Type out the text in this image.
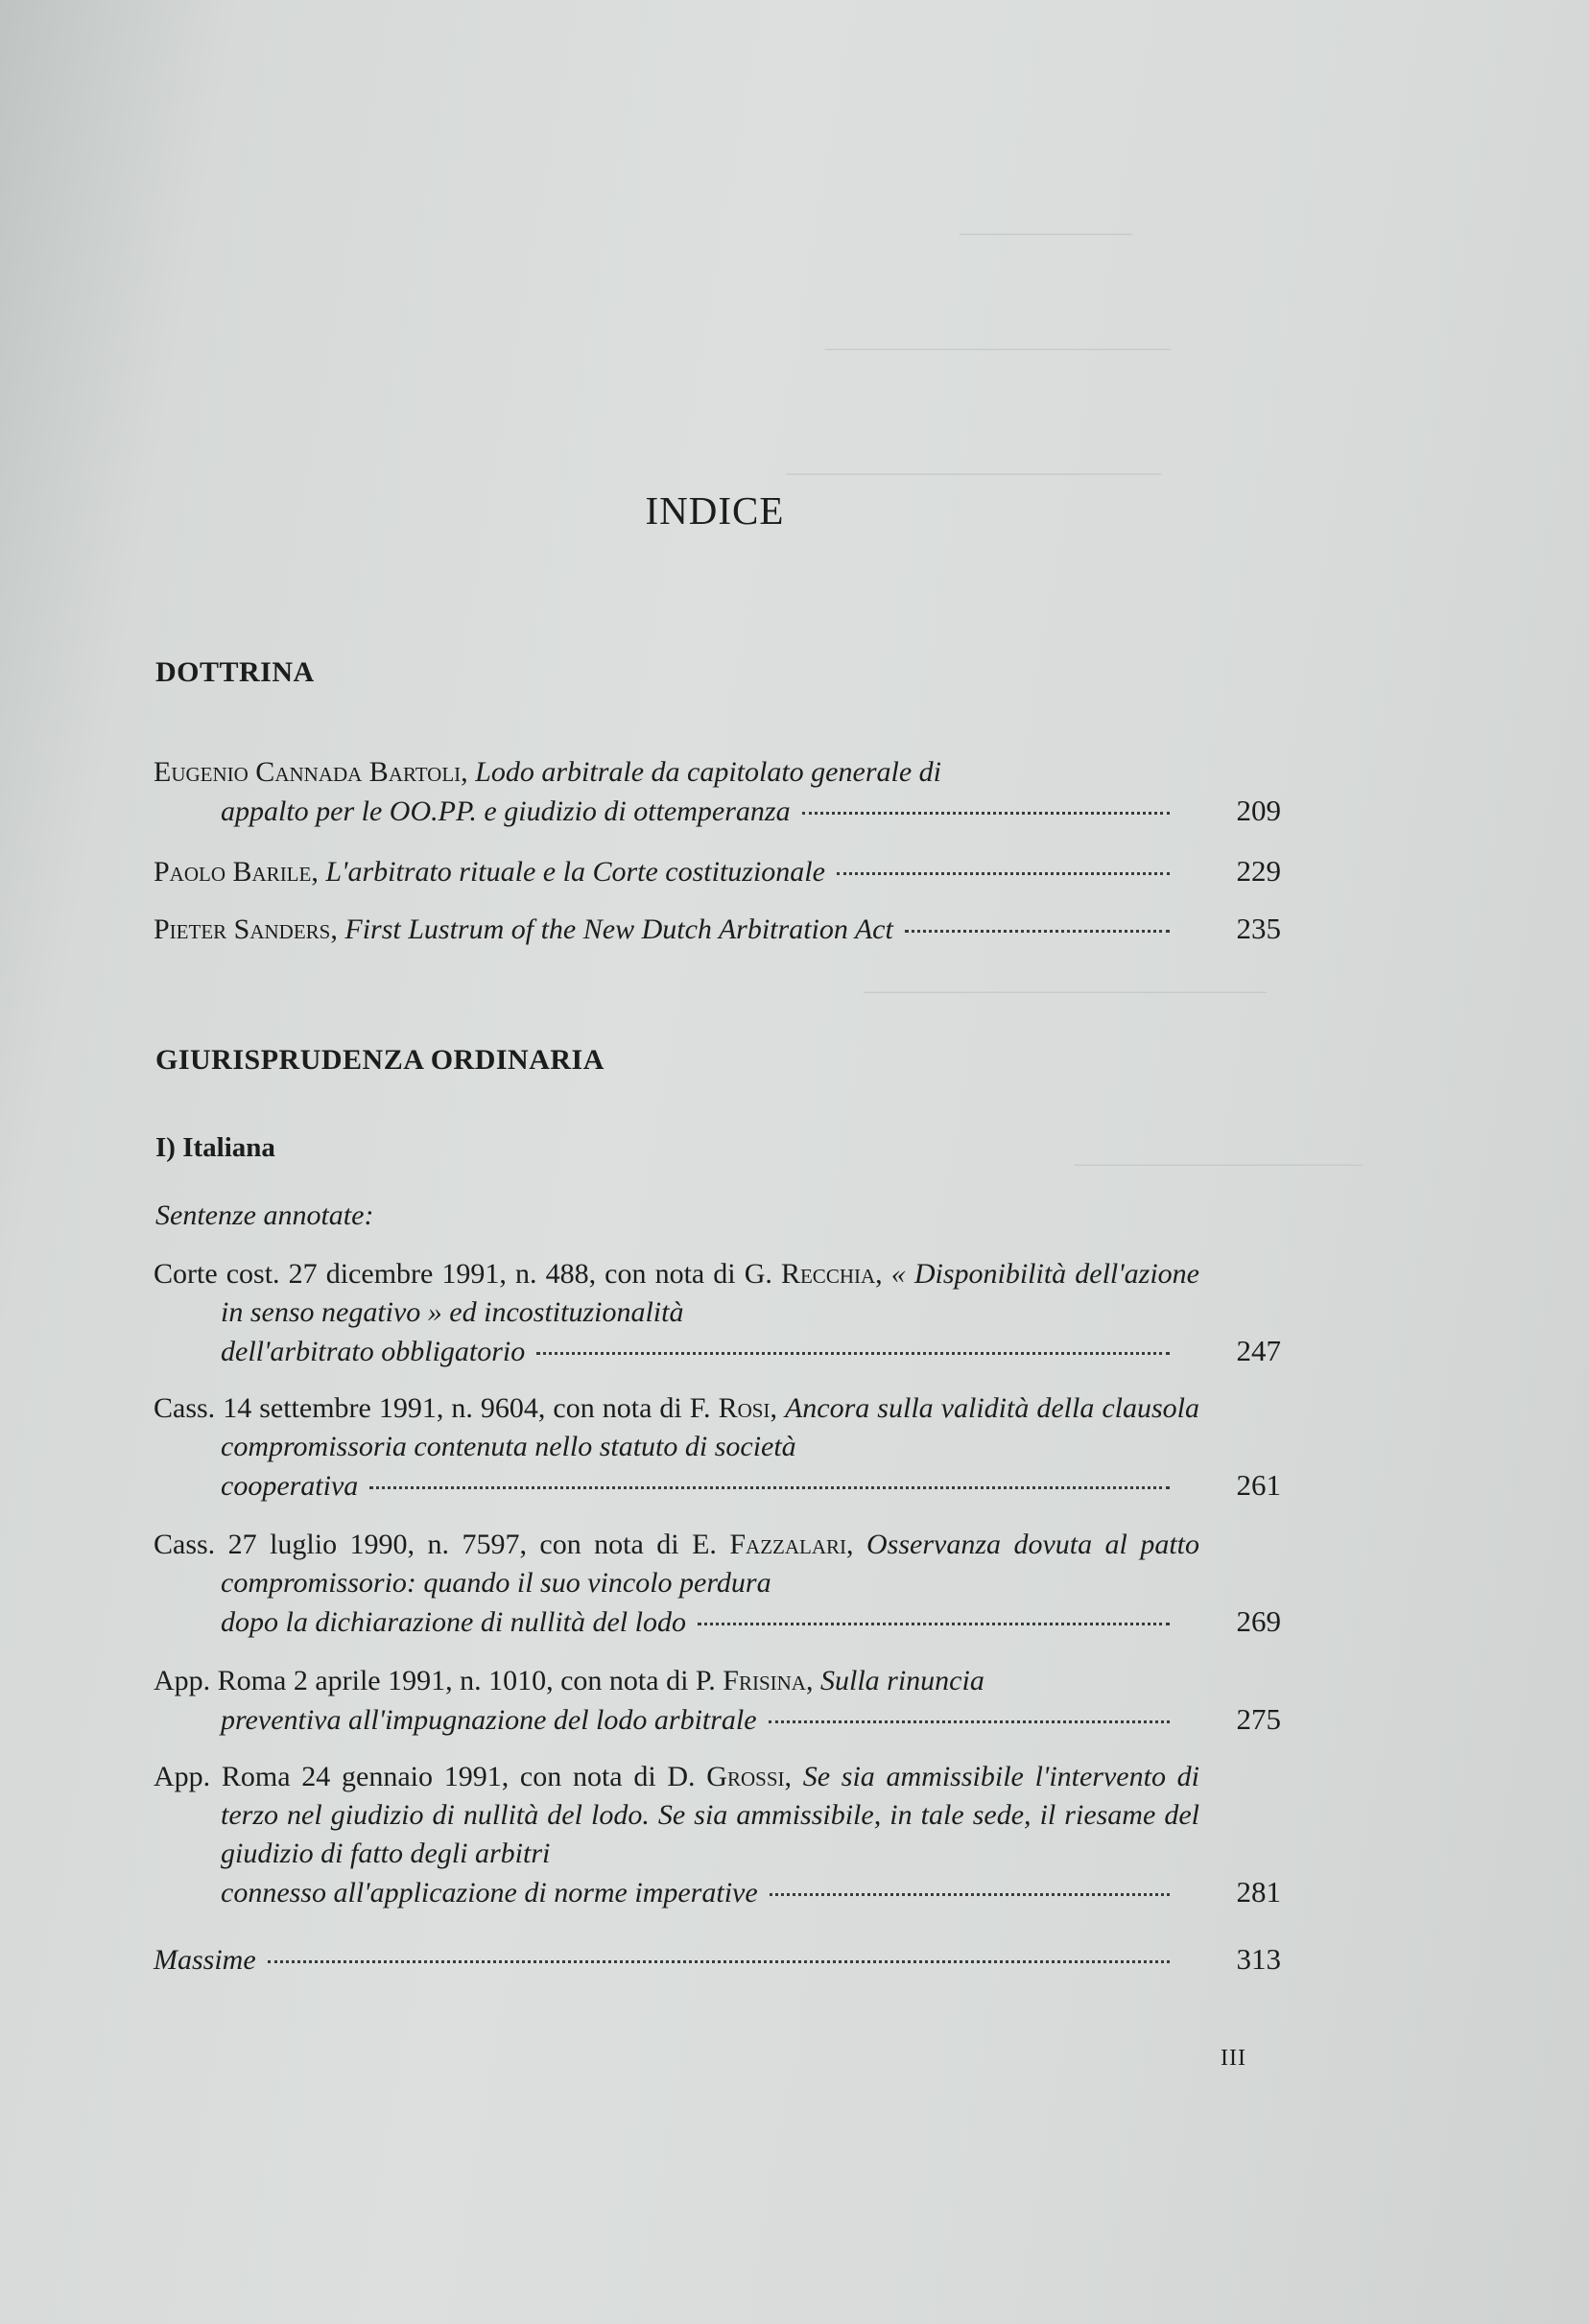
____________
________________________
__________________________
____________________________
____________________
INDICE
DOTTRINA
Eugenio Cannada Bartoli, Lodo arbitrale da capitolato generale di
appalto per le OO.PP. e giudizio di ottemperanza	209
Paolo Barile, L'arbitrato rituale e la Corte costituzionale	229
Pieter Sanders, First Lustrum of the New Dutch Arbitration Act	235
GIURISPRUDENZA ORDINARIA
I) Italiana
Sentenze annotate:
Corte cost. 27 dicembre 1991, n. 488, con nota di G. Recchia, « Disponibilità dell'azione in senso negativo » ed incostituzionalità
dell'arbitrato obbligatorio	247
Cass. 14 settembre 1991, n. 9604, con nota di F. Rosi, Ancora sulla validità della clausola compromissoria contenuta nello statuto di società
cooperativa	261
Cass. 27 luglio 1990, n. 7597, con nota di E. Fazzalari, Osservanza dovuta al patto compromissorio: quando il suo vincolo perdura
dopo la dichiarazione di nullità del lodo	269
App. Roma 2 aprile 1991, n. 1010, con nota di P. Frisina, Sulla rinuncia
preventiva all'impugnazione del lodo arbitrale	275
App. Roma 24 gennaio 1991, con nota di D. Grossi, Se sia ammissibile l'intervento di terzo nel giudizio di nullità del lodo. Se sia ammissibile, in tale sede, il riesame del giudizio di fatto degli arbitri
connesso all'applicazione di norme imperative	281
Massime	313
III
